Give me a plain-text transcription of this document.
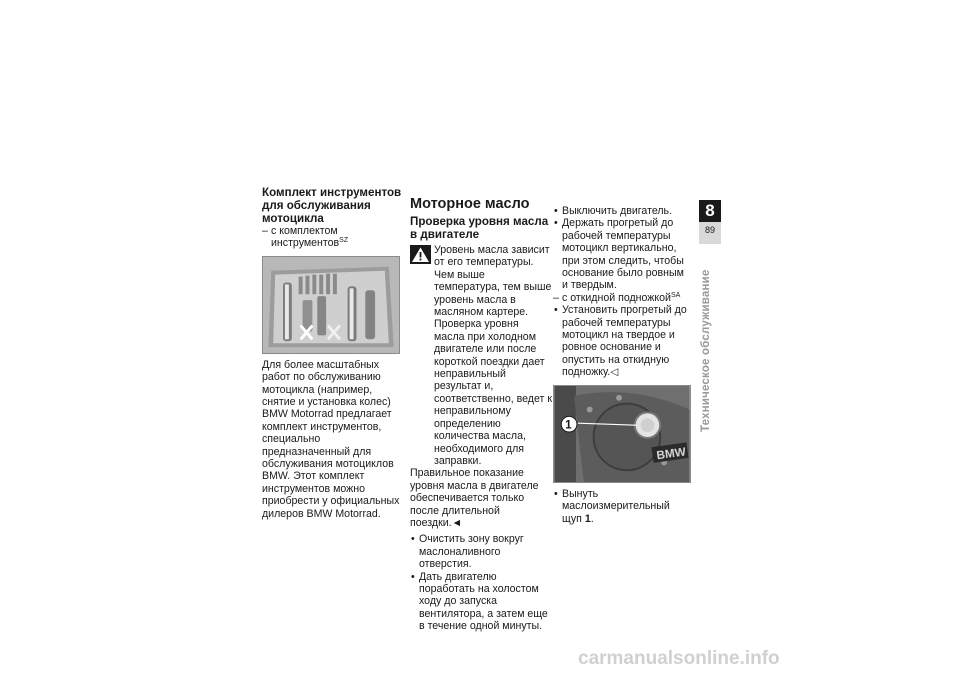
Комплект инструментов для обслуживания мотоцикла
– с комплектом инструментов$^{SZ}$
Для более масштабных работ по обслуживанию мотоцикла (например, снятие и установка колес) BMW Motorrad предлагает комплект инструментов, специально предназначенный для обслуживания мотоциклов BMW. Этот комплект инструментов можно приобрести у официальных дилеров BMW Motorrad.
Моторное масло
Проверка уровня масла в двигателе
Уровень масла зависит от его температуры. Чем выше температура, тем выше уровень масла в масляном картере. Проверка уровня масла при холодном двигателе или после короткой поездки дает неправильный результат и, соответственно, ведет к неправильному определению количества масла, необходимого для заправки.
Правильное показание уровня масла в двигателе обеспечивается только после длительной поездки.◄
• Очистить зону вокруг маслоналивного отверстия.
• Дать двигателю поработать на холостом ходу до запуска вентилятора, а затем еще в течение одной минуты.
• Выключить двигатель.
• Держать прогретый до рабочей температуры мотоцикл вертикально, при этом следить, чтобы основание было ровным и твердым.
– с откидной подножкой$^{SA}$
• Установить прогретый до рабочей температуры мотоцикл на твердое и ровное основание и опустить на откидную подножку.◁
BMW
1
• Вынуть маслоизмерительный щуп 1.
8
89
Техническое обслуживание
carmanualsonline.info
